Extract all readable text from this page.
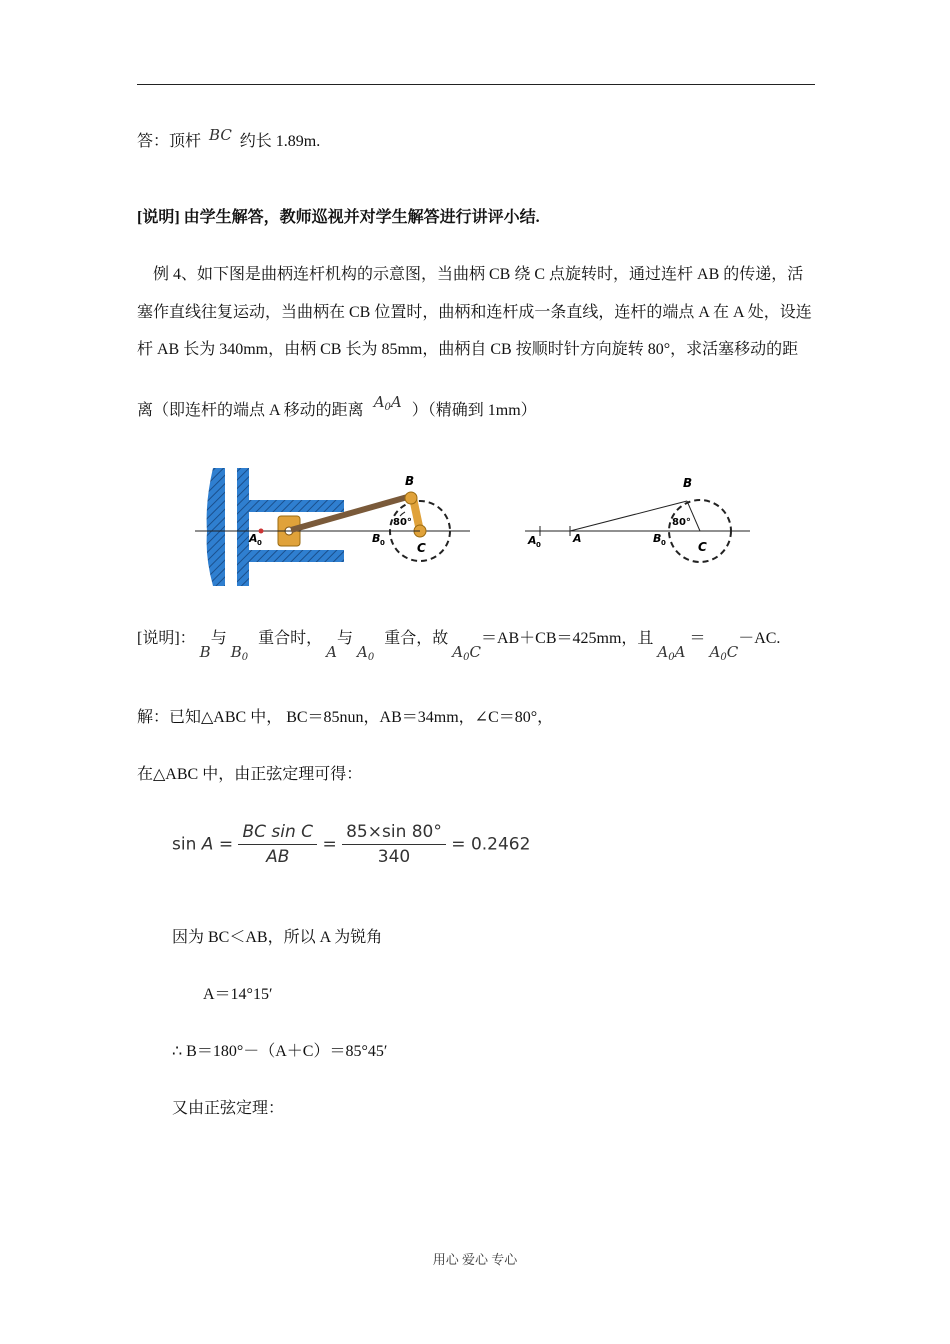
答：顶杆 BC 约长 1.89m.
[说明] 由学生解答，教师巡视并对学生解答进行讲评小结.
例 4、如下图是曲柄连杆机构的示意图，当曲柄 CB 绕 C 点旋转时，通过连杆 AB 的传递，活
塞作直线往复运动，当曲柄在 CB 位置时，曲柄和连杆成一条直线，连杆的端点 A 在 A 处，设连
杆 AB 长为 340mm，由柄 CB 长为 85mm，曲柄自 CB 按顺时针方向旋转 80°，求活塞移动的距
离（即连杆的端点 A 移动的距离 $A_0A$ ）（精确到 1mm）
80°
B
A 0	B 0	C
80°
B
A 0	A	B 0	C
[说明]： B与 $B_0$ 重合时， A与 $A_0$ 重合，故 $A_0C=AB+CB=425mm$，且 $A_0A = A_0C-AC$.
解：已知△ABC 中， BC＝85nun，AB＝34mm，∠C＝80°，
在△ABC 中，由正弦定理可得：
$\sin A = \frac{\text{BC sin C}}{AB} = \frac{85\times\sin 80^\circ}{340} = 0.2462$
因为 BC＜AB，所以 A 为锐角
A＝14°15′
∴ B＝180°－（A＋C）＝85°45′
又由正弦定理：
用心 爱心 专心
